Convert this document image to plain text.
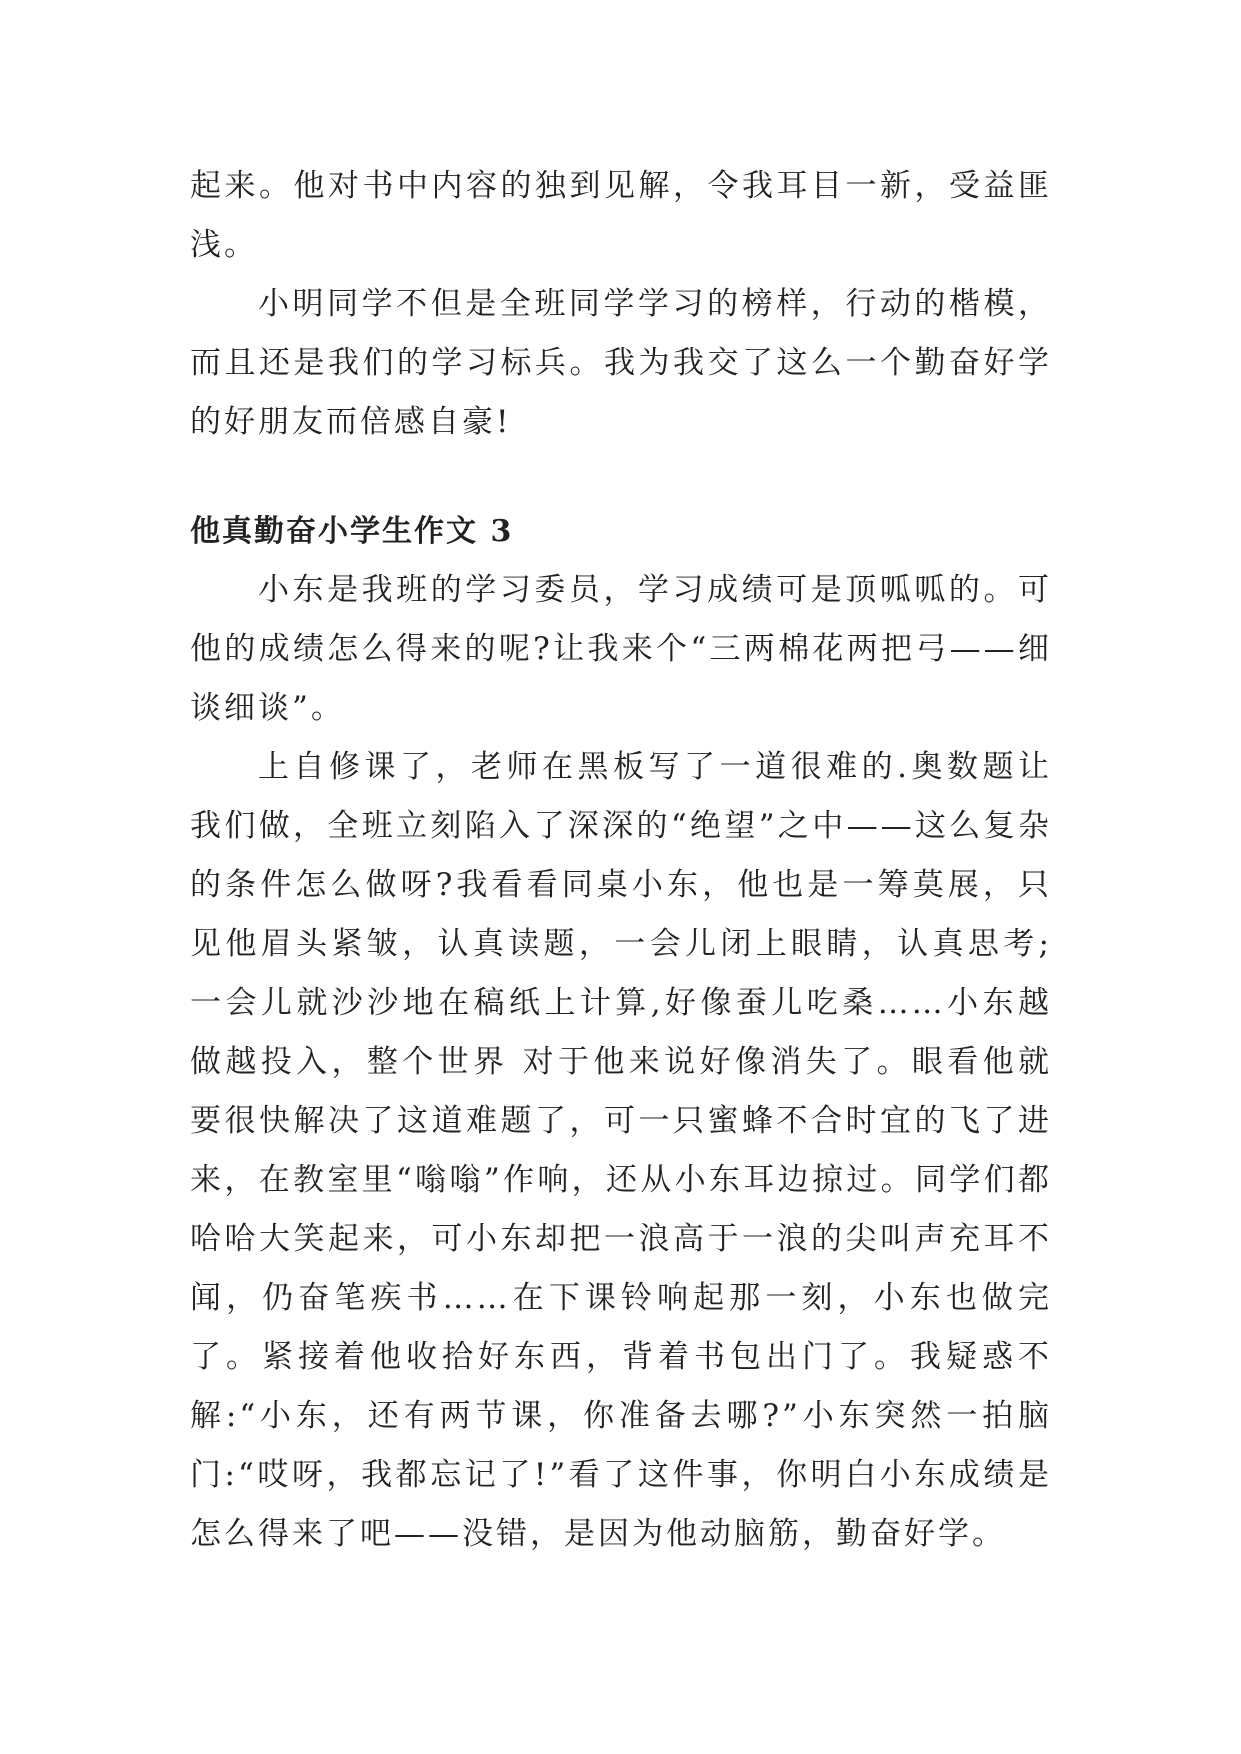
起来。他对书中内容的独到见解，令我耳目一新，受益匪浅。

小明同学不但是全班同学学习的榜样，行动的楷模，而且还是我们的学习标兵。我为我交了这么一个勤奋好学的好朋友而倍感自豪!

他真勤奋小学生作文 3

小东是我班的学习委员，学习成绩可是顶呱呱的。可他的成绩怎么得来的呢?让我来个“三两棉花两把弓——细谈细谈”。

上自修课了，老师在黑板写了一道很难的.奥数题让我们做，全班立刻陷入了深深的“绝望”之中——这么复杂的条件怎么做呀?我看看同桌小东，他也是一筹莫展，只见他眉头紧皱，认真读题，一会儿闭上眼睛，认真思考;一会儿就沙沙地在稿纸上计算,好像蚕儿吃桑……小东越做越投入，整个世界 对于他来说好像消失了。眼看他就要很快解决了这道难题了，可一只蜜蜂不合时宜的飞了进来，在教室里“嗡嗡”作响，还从小东耳边掠过。同学们都哈哈大笑起来，可小东却把一浪高于一浪的尖叫声充耳不闻，仍奋笔疾书……在下课铃响起那一刻，小东也做完了。紧接着他收拾好东西，背着书包出门了。我疑惑不解:“小东，还有两节课，你准备去哪?”小东突然一拍脑门:“哎呀，我都忘记了!”看了这件事，你明白小东成绩是怎么得来了吧——没错，是因为他动脑筋，勤奋好学。
